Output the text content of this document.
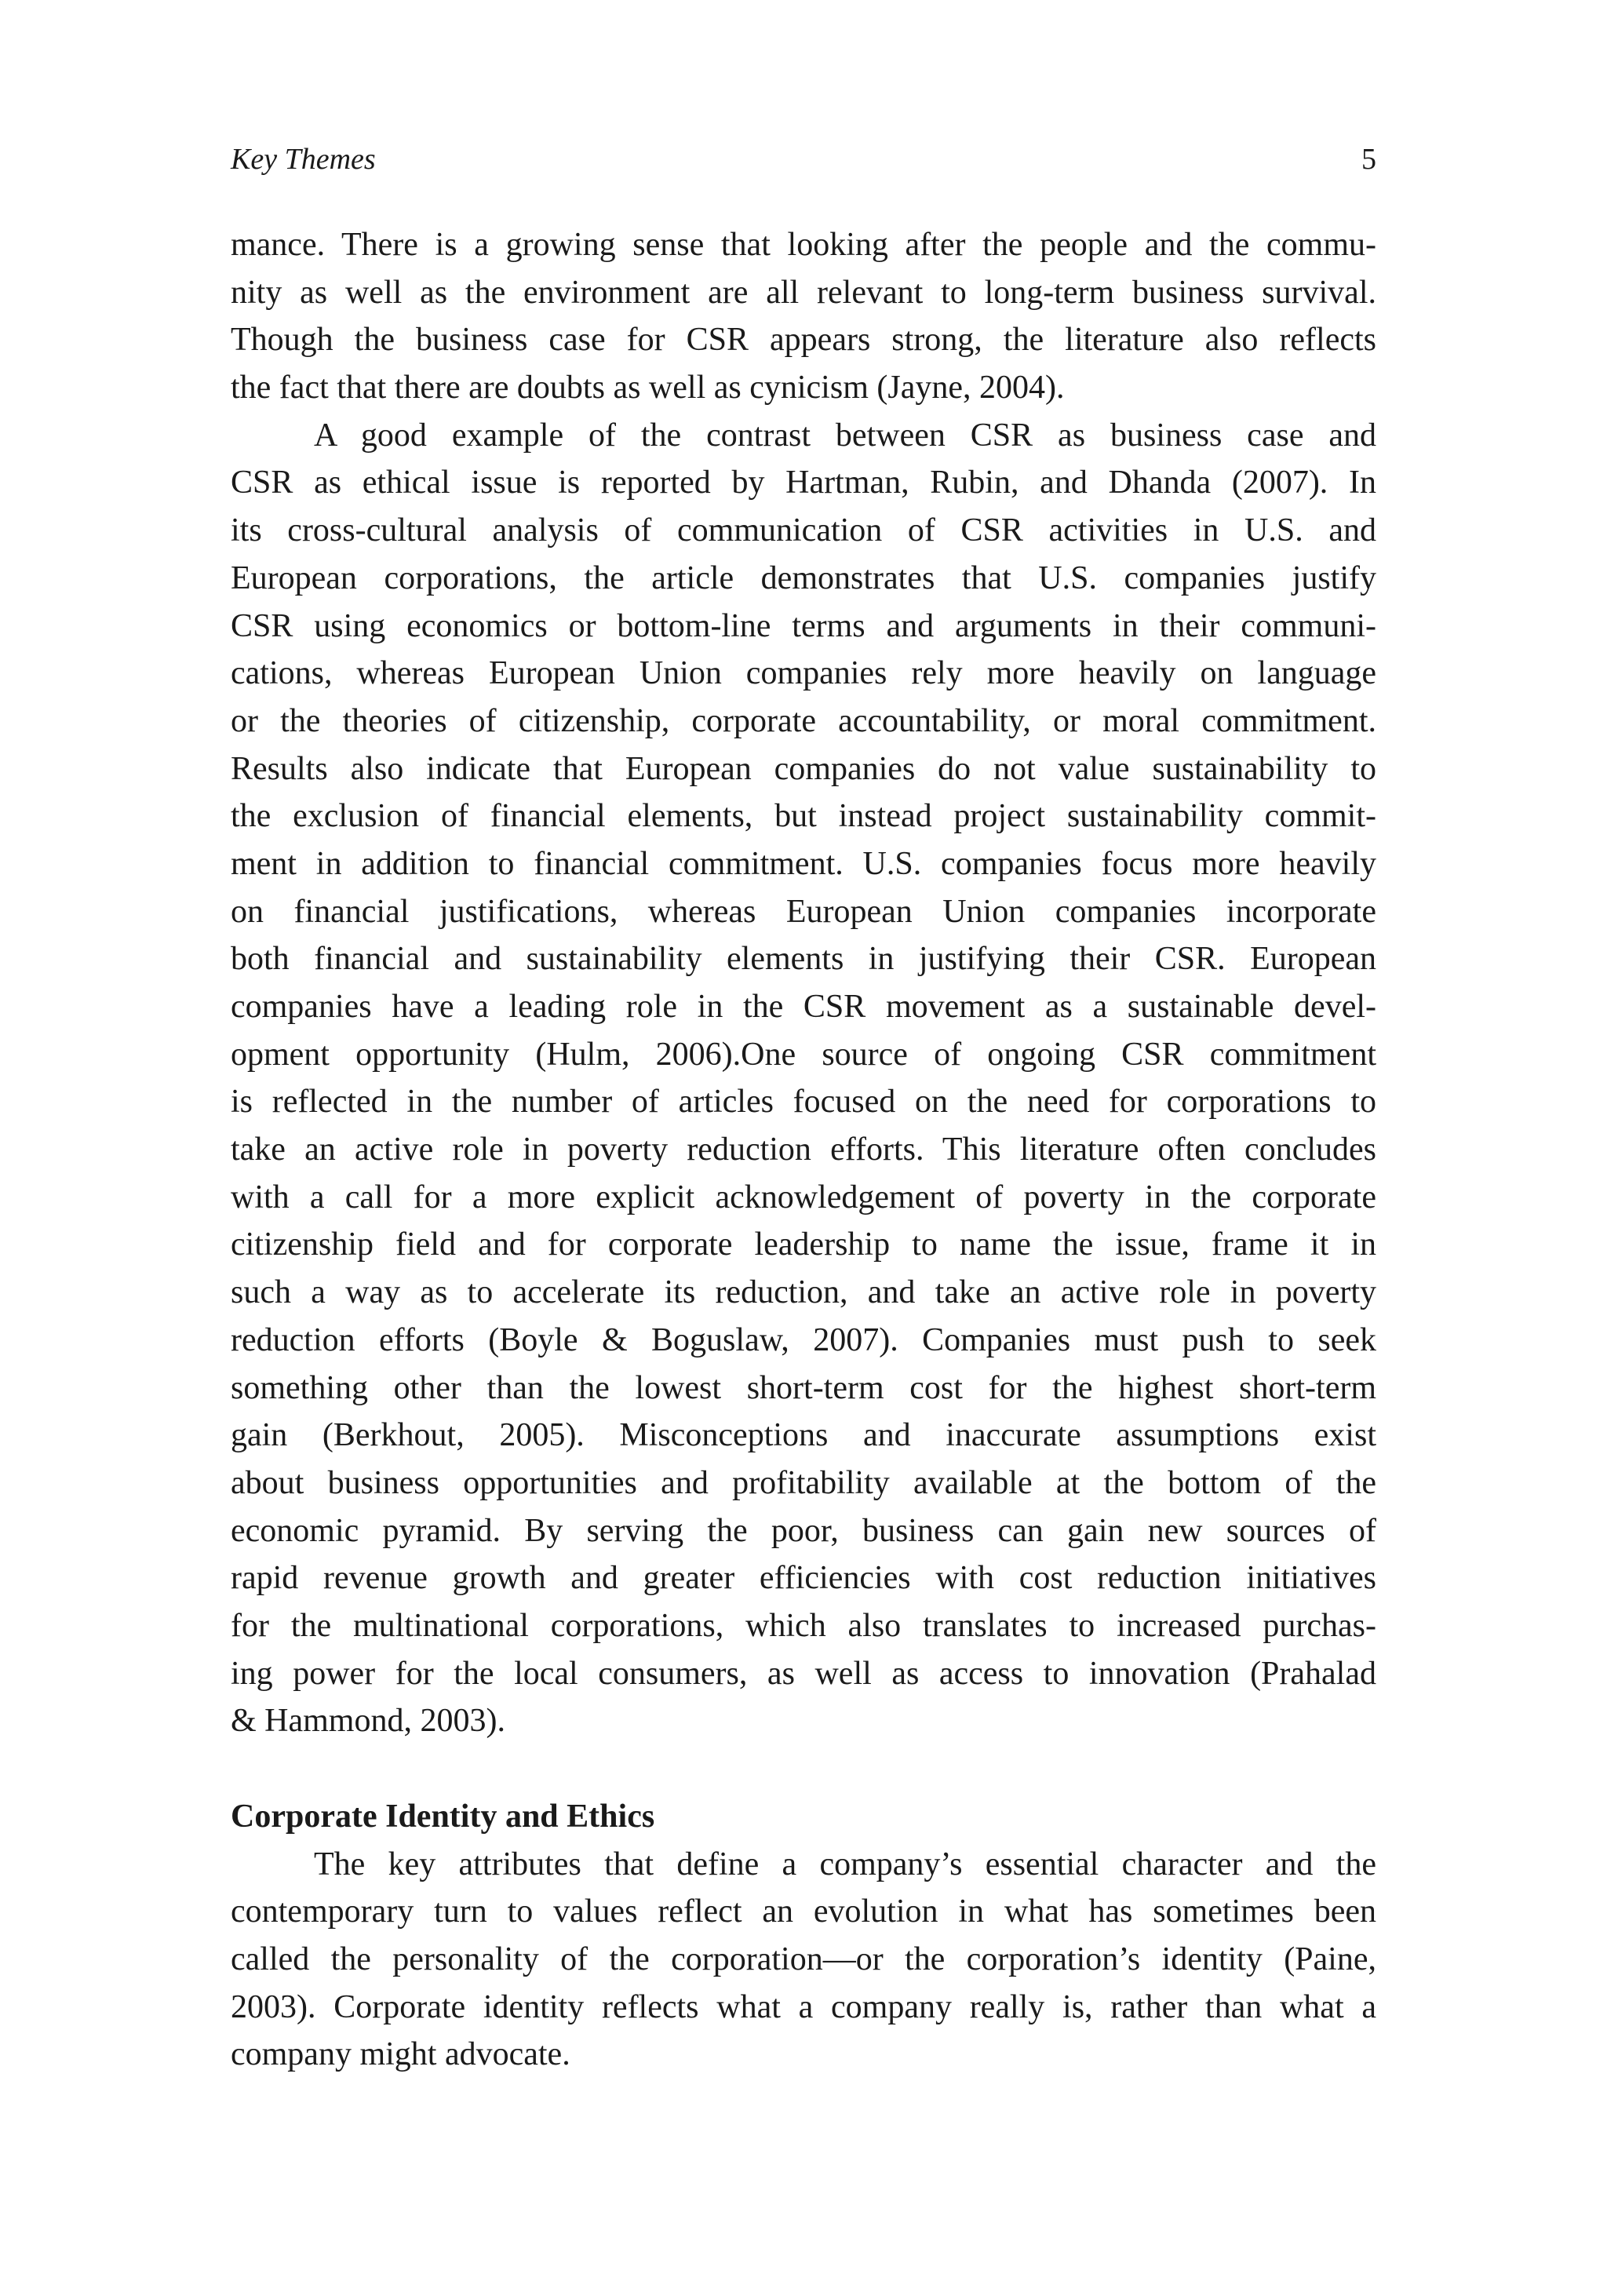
Key Themes	5
mance. There is a growing sense that looking after the people and the commu-
nity as well as the environment are all relevant to long-term business survival.
Though the business case for CSR appears strong, the literature also reflects
the fact that there are doubts as well as cynicism (Jayne, 2004).
A good example of the contrast between CSR as business case and
CSR as ethical issue is reported by Hartman, Rubin, and Dhanda (2007). In
its cross-cultural analysis of communication of CSR activities in U.S. and
European corporations, the article demonstrates that U.S. companies justify
CSR using economics or bottom-line terms and arguments in their communi-
cations, whereas European Union companies rely more heavily on language
or the theories of citizenship, corporate accountability, or moral commitment.
Results also indicate that European companies do not value sustainability to
the exclusion of financial elements, but instead project sustainability commit-
ment in addition to financial commitment. U.S. companies focus more heavily
on financial justifications, whereas European Union companies incorporate
both financial and sustainability elements in justifying their CSR. European
companies have a leading role in the CSR movement as a sustainable devel-
opment opportunity (Hulm, 2006).One source of ongoing CSR commitment
is reflected in the number of articles focused on the need for corporations to
take an active role in poverty reduction efforts. This literature often concludes
with a call for a more explicit acknowledgement of poverty in the corporate
citizenship field and for corporate leadership to name the issue, frame it in
such a way as to accelerate its reduction, and take an active role in poverty
reduction efforts (Boyle & Boguslaw, 2007). Companies must push to seek
something other than the lowest short-term cost for the highest short-term
gain (Berkhout, 2005). Misconceptions and inaccurate assumptions exist
about business opportunities and profitability available at the bottom of the
economic pyramid. By serving the poor, business can gain new sources of
rapid revenue growth and greater efficiencies with cost reduction initiatives
for the multinational corporations, which also translates to increased purchas-
ing power for the local consumers, as well as access to innovation (Prahalad
& Hammond, 2003).
Corporate Identity and Ethics
The key attributes that define a company’s essential character and the
contemporary turn to values reflect an evolution in what has sometimes been
called the personality of the corporation—or the corporation’s identity (Paine,
2003). Corporate identity reflects what a company really is, rather than what a
company might advocate.
